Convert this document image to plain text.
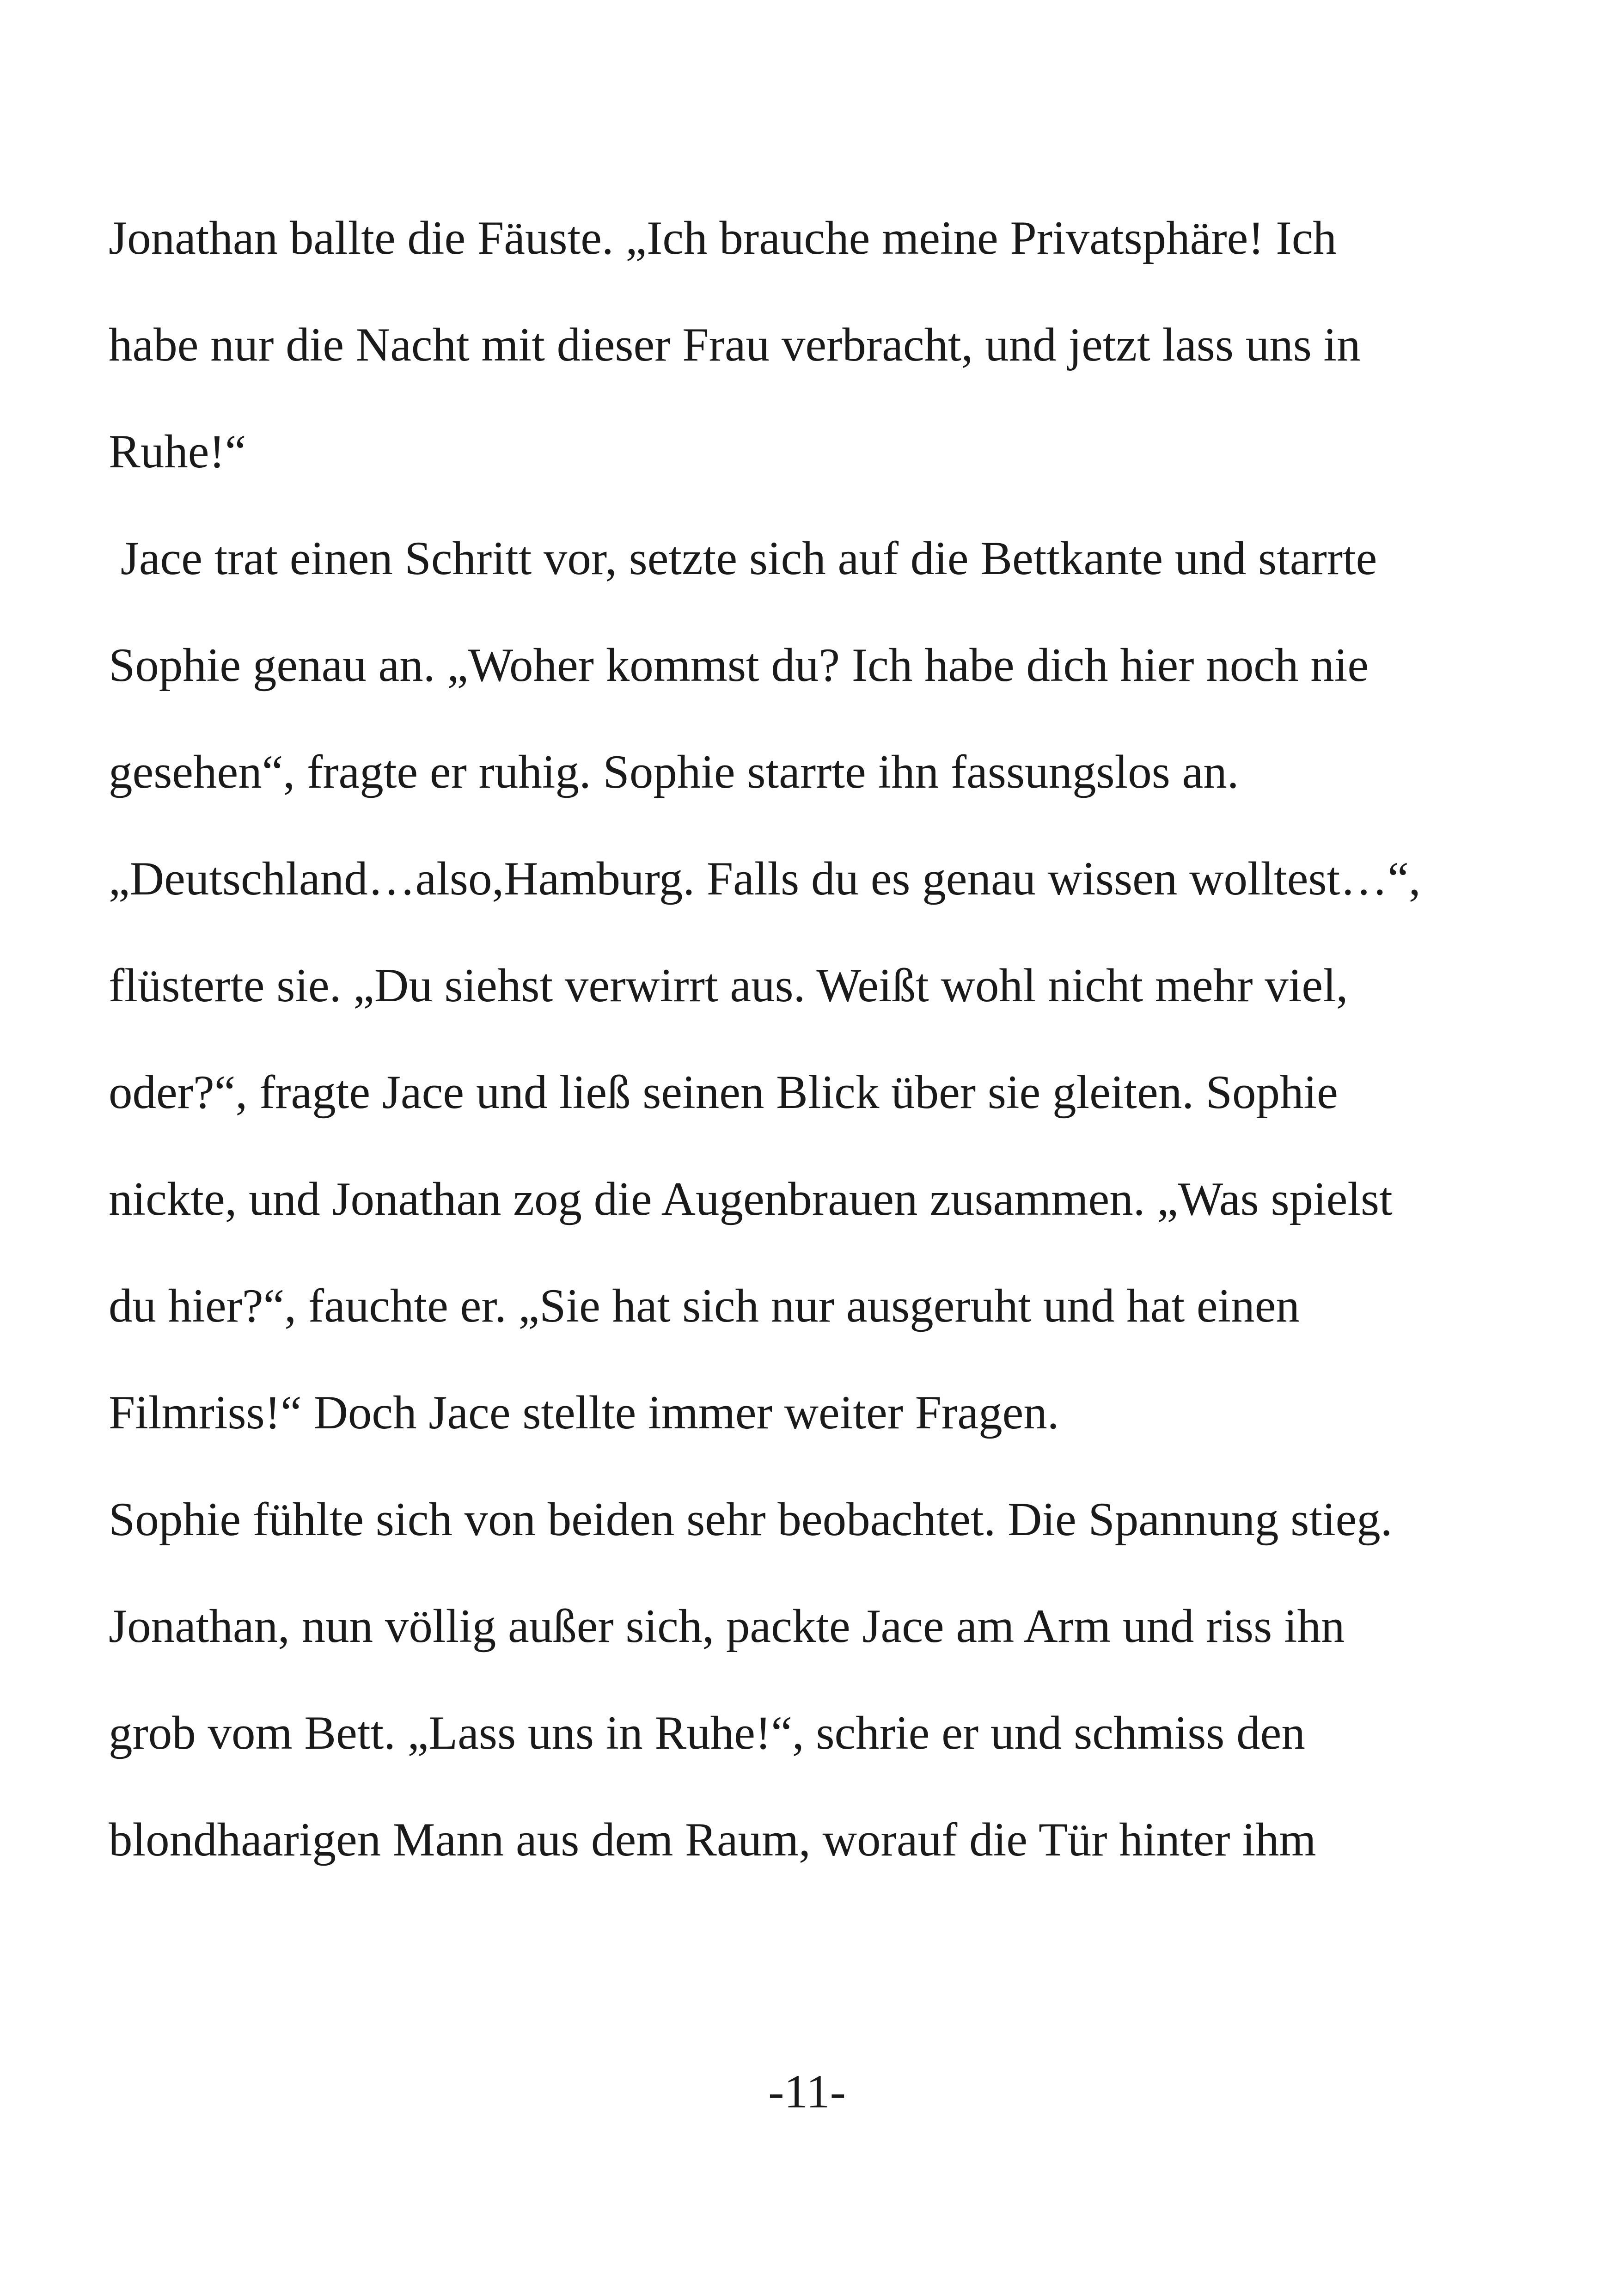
Jonathan ballte die Fäuste. „Ich brauche meine Privatsphäre! Ich

habe nur die Nacht mit dieser Frau verbracht, und jetzt lass uns in

Ruhe!“

Jace trat einen Schritt vor, setzte sich auf die Bettkante und starrte

Sophie genau an. „Woher kommst du? Ich habe dich hier noch nie

gesehen“, fragte er ruhig. Sophie starrte ihn fassungslos an.

„Deutschland…also,Hamburg. Falls du es genau wissen wolltest…“,

flüsterte sie. „Du siehst verwirrt aus. Weißt wohl nicht mehr viel,

oder?“, fragte Jace und ließ seinen Blick über sie gleiten. Sophie

nickte, und Jonathan zog die Augenbrauen zusammen. „Was spielst

du hier?“, fauchte er. „Sie hat sich nur ausgeruht und hat einen

Filmriss!“ Doch Jace stellte immer weiter Fragen.

Sophie fühlte sich von beiden sehr beobachtet. Die Spannung stieg.

Jonathan, nun völlig außer sich, packte Jace am Arm und riss ihn

grob vom Bett. „Lass uns in Ruhe!“, schrie er und schmiss den

blondhaarigen Mann aus dem Raum, worauf die Tür hinter ihm

-11-
